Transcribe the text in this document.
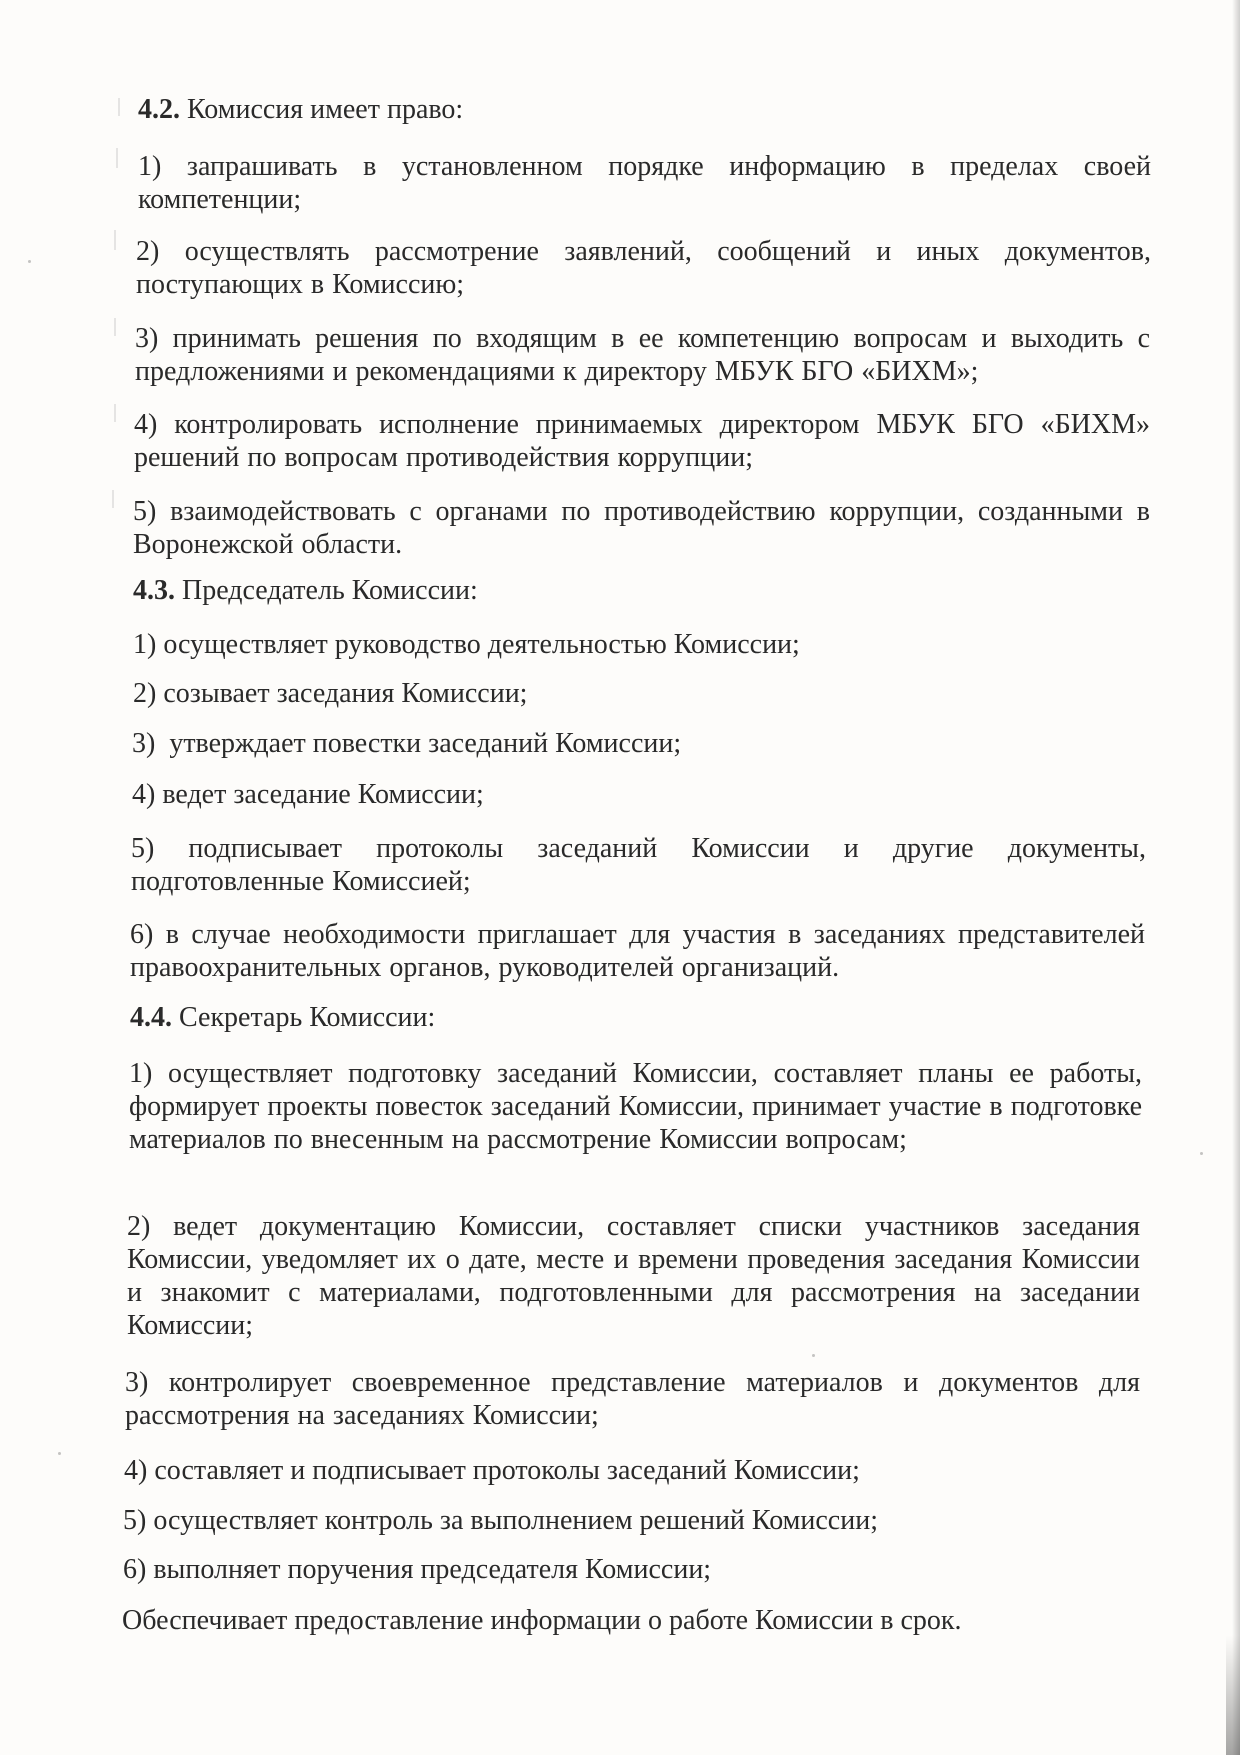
4.2. Комиссия имеет право:
1) запрашивать в установленном порядке информацию в пределах своей компетенции;
2) осуществлять рассмотрение заявлений, сообщений и иных документов, поступающих в Комиссию;
3) принимать решения по входящим в ее компетенцию вопросам и выходить с предложениями и рекомендациями к директору МБУК БГО «БИХМ»;
4) контролировать исполнение принимаемых директором МБУК БГО «БИХМ» решений по вопросам противодействия коррупции;
5) взаимодействовать с органами по противодействию коррупции, созданными в Воронежской области.
4.3. Председатель Комиссии:
1) осуществляет руководство деятельностью Комиссии;
2) созывает заседания Комиссии;
3)  утверждает повестки заседаний Комиссии;
4) ведет заседание Комиссии;
5) подписывает протоколы заседаний Комиссии и другие документы, подготовленные Комиссией;
6) в случае необходимости приглашает для участия в заседаниях представителей правоохранительных органов, руководителей организаций.
4.4. Секретарь Комиссии:
1) осуществляет подготовку заседаний Комиссии, составляет планы ее работы, формирует проекты повесток заседаний Комиссии, принимает участие в подготовке материалов по внесенным на рассмотрение Комиссии вопросам;
2) ведет документацию Комиссии, составляет списки участников заседания Комиссии, уведомляет их о дате, месте и времени проведения заседания Комиссии и знакомит с материалами, подготовленными для рассмотрения на заседании Комиссии;
3) контролирует своевременное представление материалов и документов для рассмотрения на заседаниях Комиссии;
4) составляет и подписывает протоколы заседаний Комиссии;
5) осуществляет контроль за выполнением решений Комиссии;
6) выполняет поручения председателя Комиссии;
Обеспечивает предоставление информации о работе Комиссии в срок.
